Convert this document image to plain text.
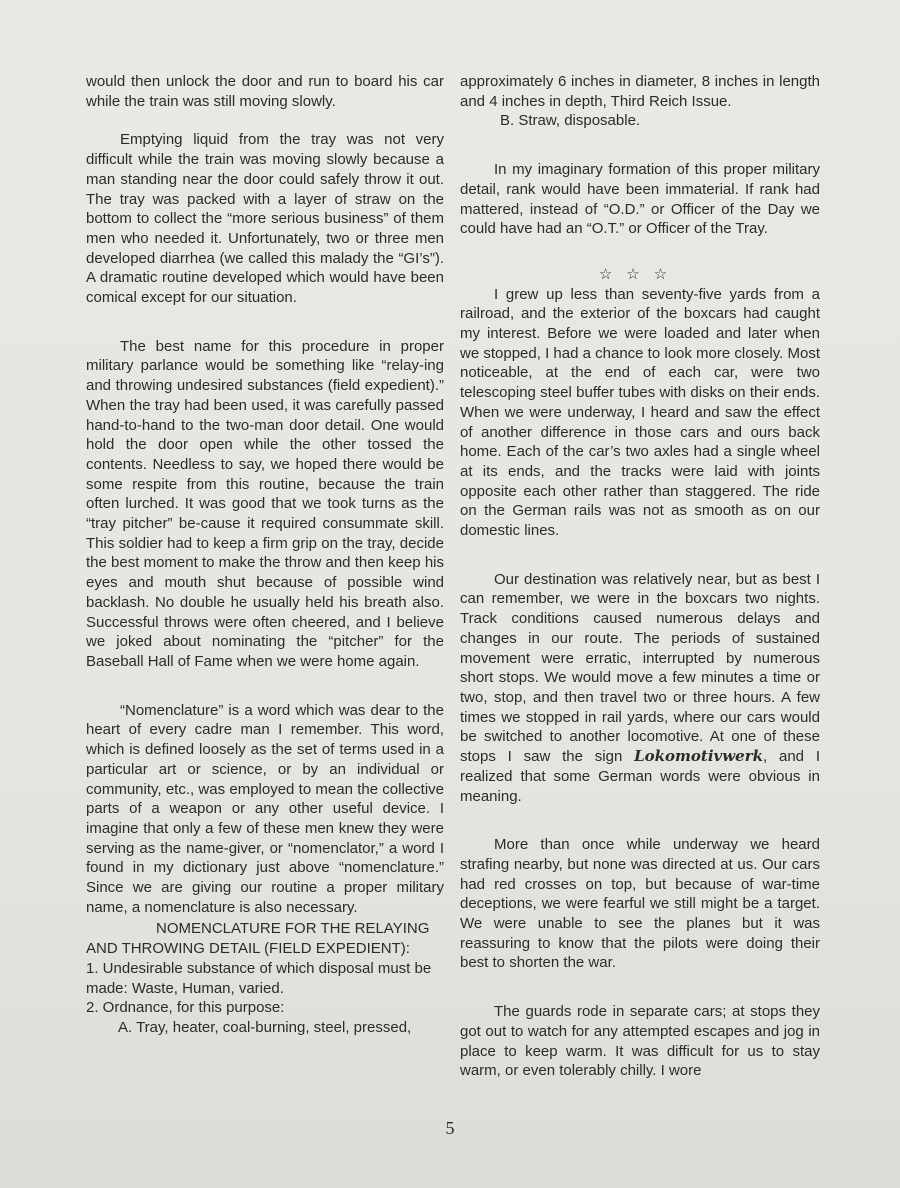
would then unlock the door and run to board his car while the train was still moving slowly.

Emptying liquid from the tray was not very difficult while the train was moving slowly because a man standing near the door could safely throw it out. The tray was packed with a layer of straw on the bottom to collect the “more serious business” of them men who needed it. Unfortunately, two or three men developed diarrhea (we called this malady the “GI’s”). A dramatic routine developed which would have been comical except for our situation.

The best name for this procedure in proper military parlance would be something like “relay-ing and throwing undesired substances (field expedient).” When the tray had been used, it was carefully passed hand-to-hand to the two-man door detail. One would hold the door open while the other tossed the contents. Needless to say, we hoped there would be some respite from this routine, because the train often lurched. It was good that we took turns as the “tray pitcher” be-cause it required consummate skill. This soldier had to keep a firm grip on the tray, decide the best moment to make the throw and then keep his eyes and mouth shut because of possible wind backlash. No double he usually held his breath also. Successful throws were often cheered, and I believe we joked about nominating the “pitcher” for the Baseball Hall of Fame when we were home again.

“Nomenclature” is a word which was dear to the heart of every cadre man I remember. This word, which is defined loosely as the set of terms used in a particular art or science, or by an individual or community, etc., was employed to mean the collective parts of a weapon or any other useful device. I imagine that only a few of these men knew they were serving as the name-giver, or “nomenclator,” a word I found in my dictionary just above “nomenclature.” Since we are giving our routine a proper military name, a nomenclature is also necessary.

NOMENCLATURE FOR THE RELAYING AND THROWING DETAIL (FIELD EXPEDIENT):

1. Undesirable substance of which disposal must be made: Waste, Human, varied.

2. Ordnance, for this purpose:

A. Tray, heater, coal-burning, steel, pressed,

approximately 6 inches in diameter, 8 inches in length and 4 inches in depth, Third Reich Issue.

B. Straw, disposable.

In my imaginary formation of this proper military detail, rank would have been immaterial. If rank had mattered, instead of “O.D.” or Officer of the Day we could have had an “O.T.” or Officer of the Tray.

☆☆☆

I grew up less than seventy-five yards from a railroad, and the exterior of the boxcars had caught my interest. Before we were loaded and later when we stopped, I had a chance to look more closely. Most noticeable, at the end of each car, were two telescoping steel buffer tubes with disks on their ends. When we were underway, I heard and saw the effect of another difference in those cars and ours back home. Each of the car’s two axles had a single wheel at its ends, and the tracks were laid with joints opposite each other rather than staggered. The ride on the German rails was not as smooth as on our domestic lines.

Our destination was relatively near, but as best I can remember, we were in the boxcars two nights. Track conditions caused numerous delays and changes in our route. The periods of sustained movement were erratic, interrupted by numerous short stops. We would move a few minutes a time or two, stop, and then travel two or three hours. A few times we stopped in rail yards, where our cars would be switched to another locomotive. At one of these stops I saw the sign Lokomotivwerk, and I realized that some German words were obvious in meaning.

More than once while underway we heard strafing nearby, but none was directed at us. Our cars had red crosses on top, but because of war-time deceptions, we were fearful we still might be a target. We were unable to see the planes but it was reassuring to know that the pilots were doing their best to shorten the war.

The guards rode in separate cars; at stops they got out to watch for any attempted escapes and jog in place to keep warm. It was difficult for us to stay warm, or even tolerably chilly. I wore

5
